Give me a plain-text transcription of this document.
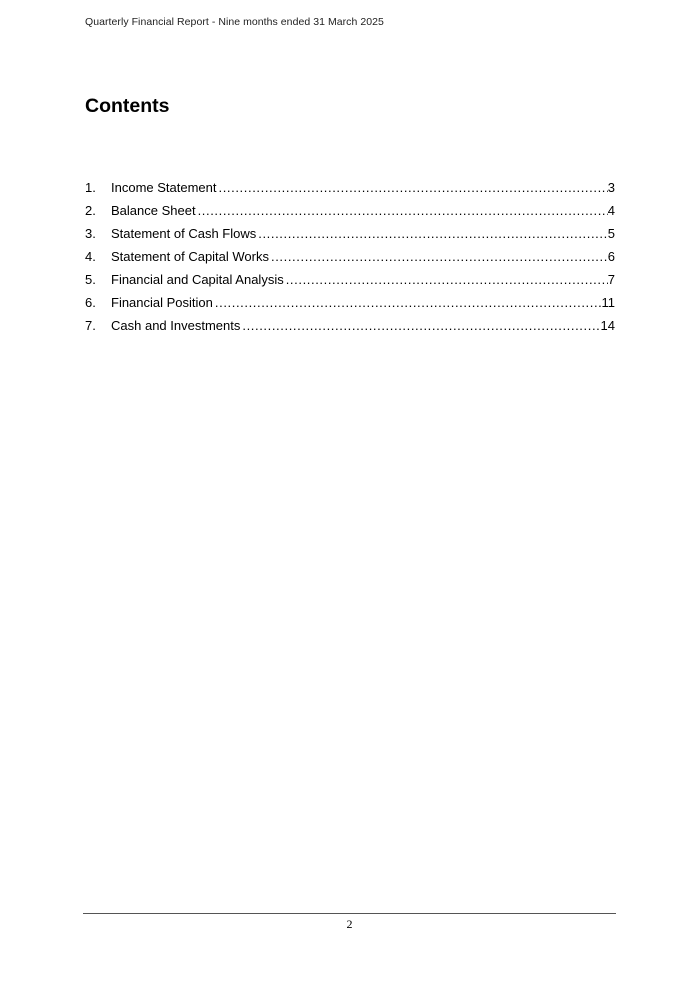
Quarterly Financial Report - Nine months ended 31 March 2025
Contents
1.	Income Statement .....	3
2.	Balance Sheet .....	4
3.	Statement of Cash Flows .....	5
4.	Statement of Capital Works .....	6
5.	Financial and Capital Analysis .....	7
6.	Financial Position .....	11
7.	Cash and Investments .....	14
2
